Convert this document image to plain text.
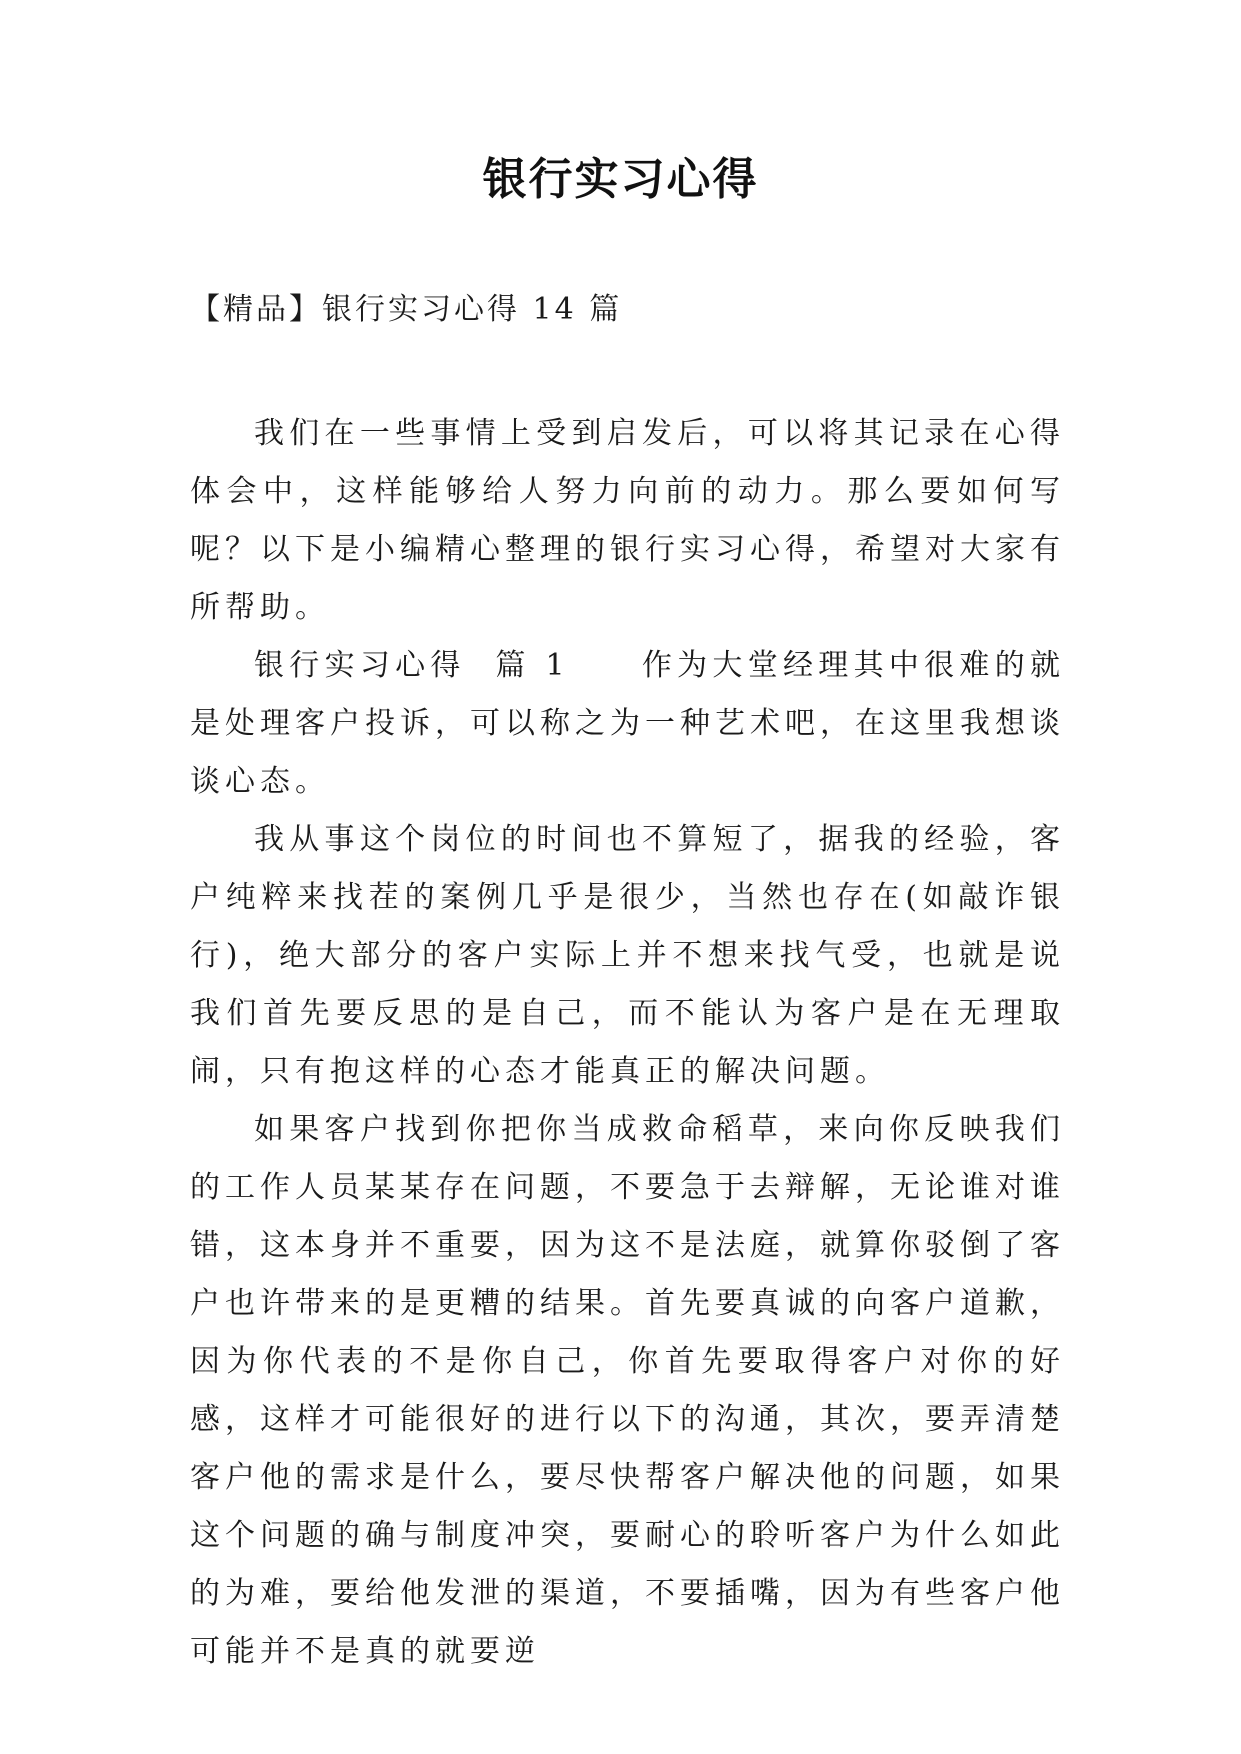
银行实习心得
【精品】银行实习心得 14 篇

我们在一些事情上受到启发后，可以将其记录在心得体会中，这样能够给人努力向前的动力。那么要如何写呢？以下是小编精心整理的银行实习心得，希望对大家有所帮助。

银行实习心得  篇 1 作为大堂经理其中很难的就是处理客户投诉，可以称之为一种艺术吧，在这里我想谈谈心态。

我从事这个岗位的时间也不算短了，据我的经验，客户纯粹来找茬的案例几乎是很少，当然也存在(如敲诈银行)，绝大部分的客户实际上并不想来找气受，也就是说我们首先要反思的是自己，而不能认为客户是在无理取闹，只有抱这样的心态才能真正的解决问题。

如果客户找到你把你当成救命稻草，来向你反映我们的工作人员某某存在问题，不要急于去辩解，无论谁对谁错，这本身并不重要，因为这不是法庭，就算你驳倒了客户也许带来的是更糟的结果。首先要真诚的向客户道歉，因为你代表的不是你自己，你首先要取得客户对你的好感，这样才可能很好的进行以下的沟通，其次，要弄清楚客户他的需求是什么，要尽快帮客户解决他的问题，如果这个问题的确与制度冲突，要耐心的聆听客户为什么如此的为难，要给他发泄的渠道，不要插嘴，因为有些客户他可能并不是真的就要逆
